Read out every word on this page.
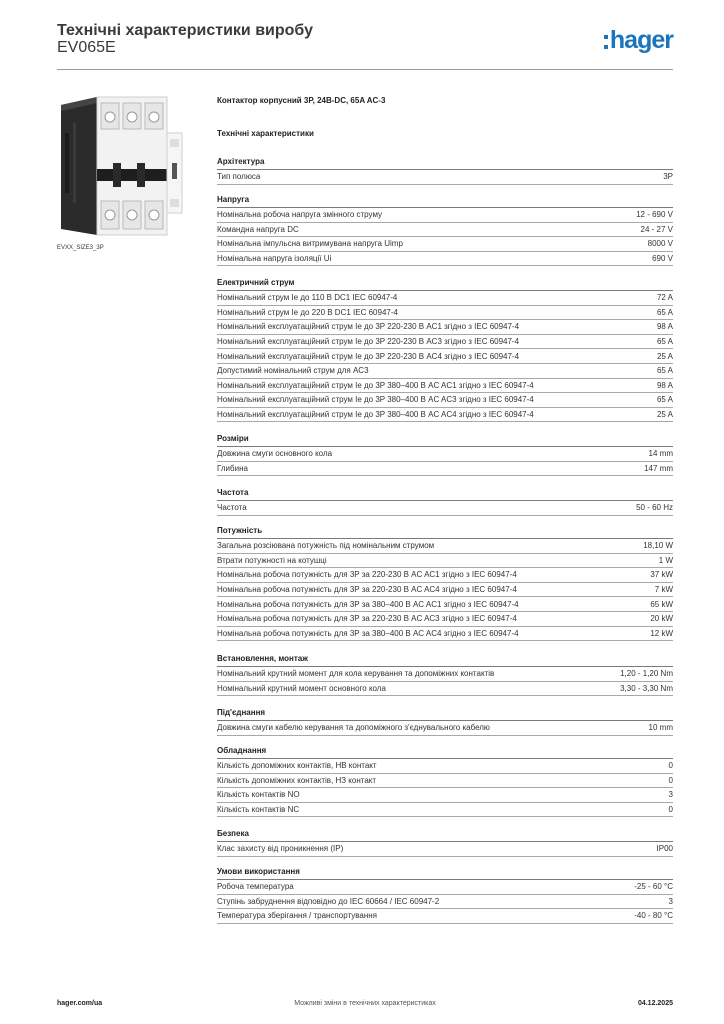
Технічні характеристики виробу
EV065E	hager
EVXX_SIZE3_3P
Контактор корпусний 3P, 24В-DC, 65A AC-3
Технічні характеристики
Архітектура
Тип полюса	3P
Напруга
Номінальна робоча напруга змінного струму	12 - 690 V
Командна напруга DC	24 - 27 V
Номінальна імпульсна витримувана напруга Uimp	8000 V
Номінальна напруга ізоляції Ui	690 V
Електричний струм
Номінальний струм Ie до 110 В DC1 IEC 60947-4	72 A
Номінальний струм Ie до 220 В DC1 IEC 60947-4	65 A
Номінальний експлуатаційний струм Ie до 3P 220-230 В AC1 згідно з IEC 60947-4	98 A
Номінальний експлуатаційний струм Ie до 3P 220-230 В AC3 згідно з IEC 60947-4	65 A
Номінальний експлуатаційний струм Ie до 3P 220-230 В AC4 згідно з IEC 60947-4	25 A
Допустимий номінальний струм для AC3	65 A
Номінальний експлуатаційний струм Ie до 3P 380–400 В AC AC1 згідно з IEC 60947-4	98 A
Номінальний експлуатаційний струм Ie до 3P 380–400 В AC AC3 згідно з IEC 60947-4	65 A
Номінальний експлуатаційний струм Ie до 3P 380–400 В AC AC4 згідно з IEC 60947-4	25 A
Розміри
Довжина смуги основного кола	14 mm
Глибина	147 mm
Частота
Частота	50 - 60 Hz
Потужність
Загальна розсіювана потужність під номінальним струмом	18,10 W
Втрати потужності на котушці	1 W
Номінальна робоча потужність для 3P за 220-230 В AC AC1 згідно з IEC 60947-4	37 kW
Номінальна робоча потужність для 3P за 220-230 В AC AC4 згідно з IEC 60947-4	7 kW
Номінальна робоча потужність для 3P за 380–400 В AC AC1 згідно з IEC 60947-4	65 kW
Номінальна робоча потужність для 3P за 220-230 В AC AC3 згідно з IEC 60947-4	20 kW
Номінальна робоча потужність для 3P за 380–400 В AC AC4 згідно з IEC 60947-4	12 kW
Встановлення, монтаж
Номінальний крутний момент для кола керування та допоміжних контактів	1,20 - 1,20 Nm
Номінальний крутний момент основного кола	3,30 - 3,30 Nm
Під'єднання
Довжина смуги кабелю керування та допоміжного з'єднувального кабелю	10 mm
Обладнання
Кількість допоміжних контактів, НВ контакт	0
Кількість допоміжних контактів, НЗ контакт	0
Кількість контактів NO	3
Кількість контактів NC	0
Безпека
Клас захисту від проникнення (IP)	IP00
Умови використання
Робоча температура	-25 - 60 °C
Ступінь забруднення відповідно до IEC 60664 / IEC 60947-2	3
Температура зберігання / транспортування	-40 - 80 °C
Можливі зміни в технічних характеристиках
hager.com/ua	04.12.2025
